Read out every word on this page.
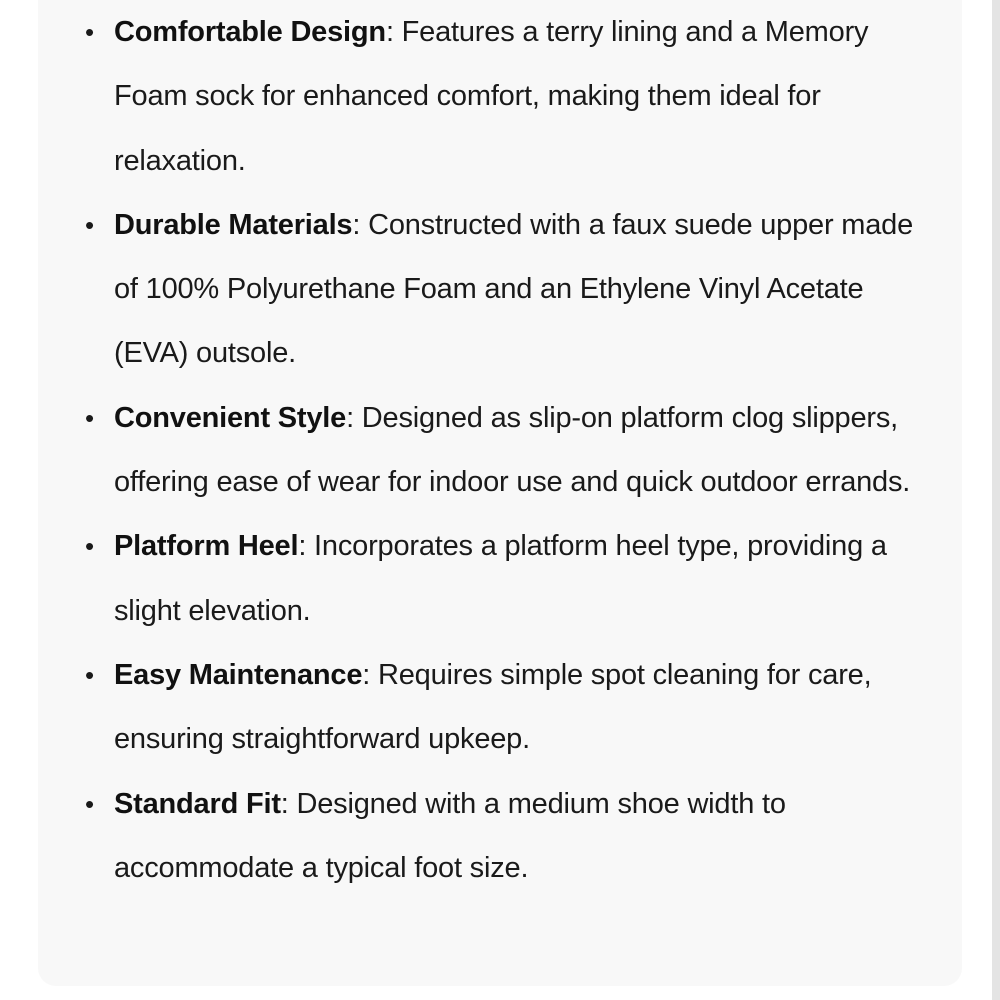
• Comfortable Design: Features a terry lining and a Memory Foam sock for enhanced comfort, making them ideal for relaxation.
• Durable Materials: Constructed with a faux suede upper made of 100% Polyurethane Foam and an Ethylene Vinyl Acetate (EVA) outsole.
• Convenient Style: Designed as slip-on platform clog slippers, offering ease of wear for indoor use and quick outdoor errands.
• Platform Heel: Incorporates a platform heel type, providing a slight elevation.
• Easy Maintenance: Requires simple spot cleaning for care, ensuring straightforward upkeep.
• Standard Fit: Designed with a medium shoe width to accommodate a typical foot size.
